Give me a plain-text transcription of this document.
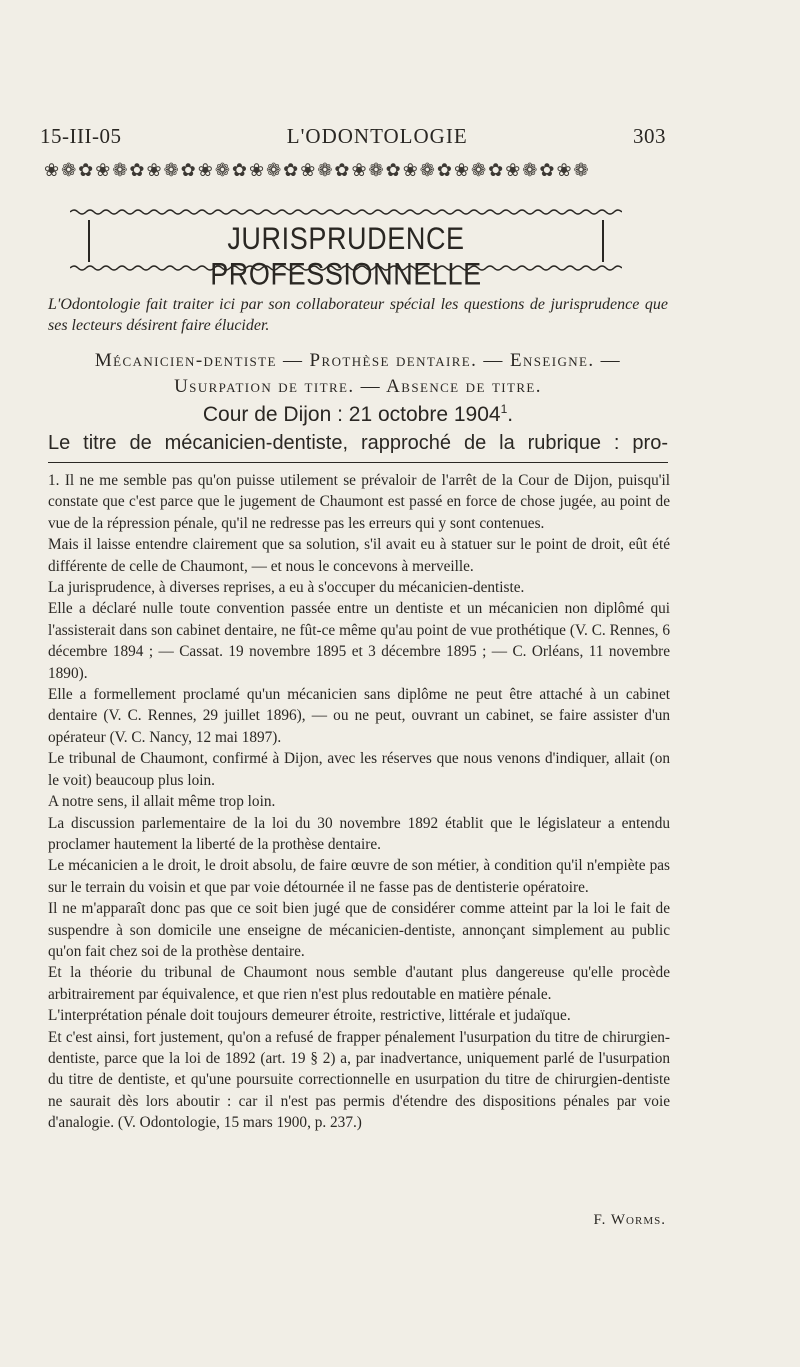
15-III-05	L'ODONTOLOGIE	303
❀❁✿❀❁✿❀❁✿❀❁✿❀❁✿❀❁✿❀❁✿❀❁✿❀❁✿❀❁✿❀❁
JURISPRUDENCE PROFESSIONNELLE
L'Odontologie fait traiter ici par son collaborateur spécial les questions de jurisprudence que ses lecteurs désirent faire élucider.
Mécanicien-dentiste — Prothèse dentaire. — Enseigne. —
Usurpation de titre. — Absence de titre.
Cour de Dijon : 21 octobre 1904$^1$.
Le titre de mécanicien-dentiste, rapproché de la rubrique : pro-

1. Il ne me semble pas qu'on puisse utilement se prévaloir de l'arrêt de la Cour de Dijon, puisqu'il constate que c'est parce que le jugement de Chaumont est passé en force de chose jugée, au point de vue de la répression pénale, qu'il ne redresse pas les erreurs qui y sont contenues.

Mais il laisse entendre clairement que sa solution, s'il avait eu à statuer sur le point de droit, eût été différente de celle de Chaumont, — et nous le concevons à merveille.

La jurisprudence, à diverses reprises, a eu à s'occuper du mécanicien-dentiste.

Elle a déclaré nulle toute convention passée entre un dentiste et un mécanicien non diplômé qui l'assisterait dans son cabinet dentaire, ne fût-ce même qu'au point de vue prothétique (V. C. Rennes, 6 décembre 1894 ; — Cassat. 19 novembre 1895 et 3 décembre 1895 ; — C. Orléans, 11 novembre 1890).

Elle a formellement proclamé qu'un mécanicien sans diplôme ne peut être attaché à un cabinet dentaire (V. C. Rennes, 29 juillet 1896), — ou ne peut, ouvrant un cabinet, se faire assister d'un opérateur (V. C. Nancy, 12 mai 1897).

Le tribunal de Chaumont, confirmé à Dijon, avec les réserves que nous venons d'indiquer, allait (on le voit) beaucoup plus loin.

A notre sens, il allait même trop loin.

La discussion parlementaire de la loi du 30 novembre 1892 établit que le législateur a entendu proclamer hautement la liberté de la prothèse dentaire.

Le mécanicien a le droit, le droit absolu, de faire œuvre de son métier, à condition qu'il n'empiète pas sur le terrain du voisin et que par voie détournée il ne fasse pas de dentisterie opératoire.

Il ne m'apparaît donc pas que ce soit bien jugé que de considérer comme atteint par la loi le fait de suspendre à son domicile une enseigne de mécanicien-dentiste, annonçant simplement au public qu'on fait chez soi de la prothèse dentaire.

Et la théorie du tribunal de Chaumont nous semble d'autant plus dangereuse qu'elle procède arbitrairement par équivalence, et que rien n'est plus redoutable en matière pénale.

L'interprétation pénale doit toujours demeurer étroite, restrictive, littérale et judaïque.

Et c'est ainsi, fort justement, qu'on a refusé de frapper pénalement l'usurpation du titre de chirurgien-dentiste, parce que la loi de 1892 (art. 19 § 2) a, par inadvertance, uniquement parlé de l'usurpation du titre de dentiste, et qu'une poursuite correctionnelle en usurpation du titre de chirurgien-dentiste ne saurait dès lors aboutir : car il n'est pas permis d'étendre des dispositions pénales par voie d'analogie. (V. Odontologie, 15 mars 1900, p. 237.)

F. Worms.
